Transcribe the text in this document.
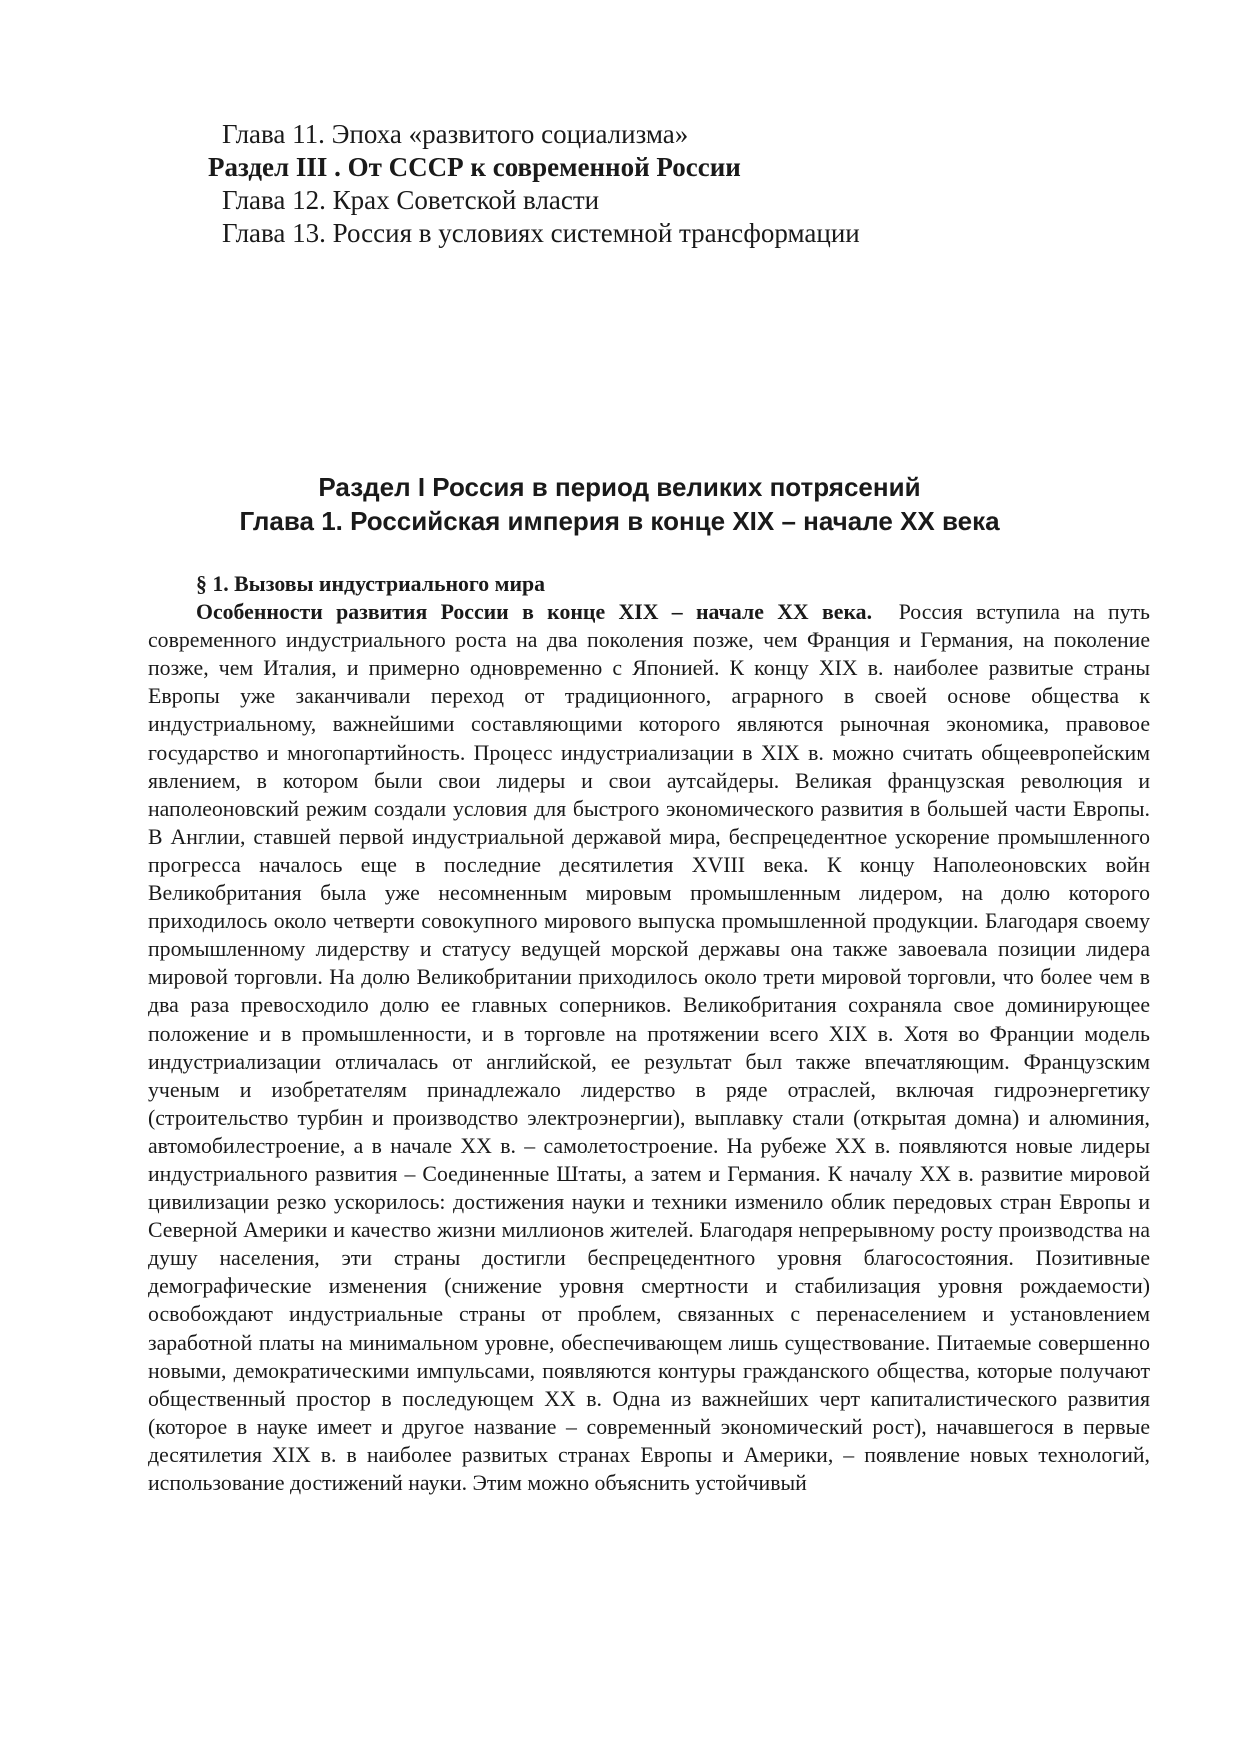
Глава 11. Эпоха «развитого социализма»
Раздел III . От СССР к современной России
Глава 12. Крах Советской власти
Глава 13. Россия в условиях системной трансформации
Раздел I Россия в период великих потрясений
Глава 1. Российская империя в конце XIX – начале XX века
§ 1. Вызовы индустриального мира

Особенности развития России в конце XIX – начале XX века. Россия вступила на путь современного индустриального роста на два поколения позже, чем Франция и Германия, на поколение позже, чем Италия, и примерно одновременно с Японией. К концу XIX в. наиболее развитые страны Европы уже заканчивали переход от традиционного, аграрного в своей основе общества к индустриальному, важнейшими составляющими которого являются рыночная экономика, правовое государство и многопартийность. Процесс индустриализации в XIX в. можно считать общеевропейским явлением, в котором были свои лидеры и свои аутсайдеры. Великая французская революция и наполеоновский режим создали условия для быстрого экономического развития в большей части Европы. В Англии, ставшей первой индустриальной державой мира, беспрецедентное ускорение промышленного прогресса началось еще в последние десятилетия XVIII века. К концу Наполеоновских войн Великобритания была уже несомненным мировым промышленным лидером, на долю которого приходилось около четверти совокупного мирового выпуска промышленной продукции. Благодаря своему промышленному лидерству и статусу ведущей морской державы она также завоевала позиции лидера мировой торговли. На долю Великобритании приходилось около трети мировой торговли, что более чем в два раза превосходило долю ее главных соперников. Великобритания сохраняла свое доминирующее положение и в промышленности, и в торговле на протяжении всего XIX в. Хотя во Франции модель индустриализации отличалась от английской, ее результат был также впечатляющим. Французским ученым и изобретателям принадлежало лидерство в ряде отраслей, включая гидроэнергетику (строительство турбин и производство электроэнергии), выплавку стали (открытая домна) и алюминия, автомобилестроение, а в начале XX в. – самолетостроение. На рубеже XX в. появляются новые лидеры индустриального развития – Соединенные Штаты, а затем и Германия. К началу XX в. развитие мировой цивилизации резко ускорилось: достижения науки и техники изменило облик передовых стран Европы и Северной Америки и качество жизни миллионов жителей. Благодаря непрерывному росту производства на душу населения, эти страны достигли беспрецедентного уровня благосостояния. Позитивные демографические изменения (снижение уровня смертности и стабилизация уровня рождаемости) освобождают индустриальные страны от проблем, связанных с перенаселением и установлением заработной платы на минимальном уровне, обеспечивающем лишь существование. Питаемые совершенно новыми, демократическими импульсами, появляются контуры гражданского общества, которые получают общественный простор в последующем XX в. Одна из важнейших черт капиталистического развития (которое в науке имеет и другое название – современный экономический рост), начавшегося в первые десятилетия XIX в. в наиболее развитых странах Европы и Америки, – появление новых технологий, использование достижений науки. Этим можно объяснить устойчивый
